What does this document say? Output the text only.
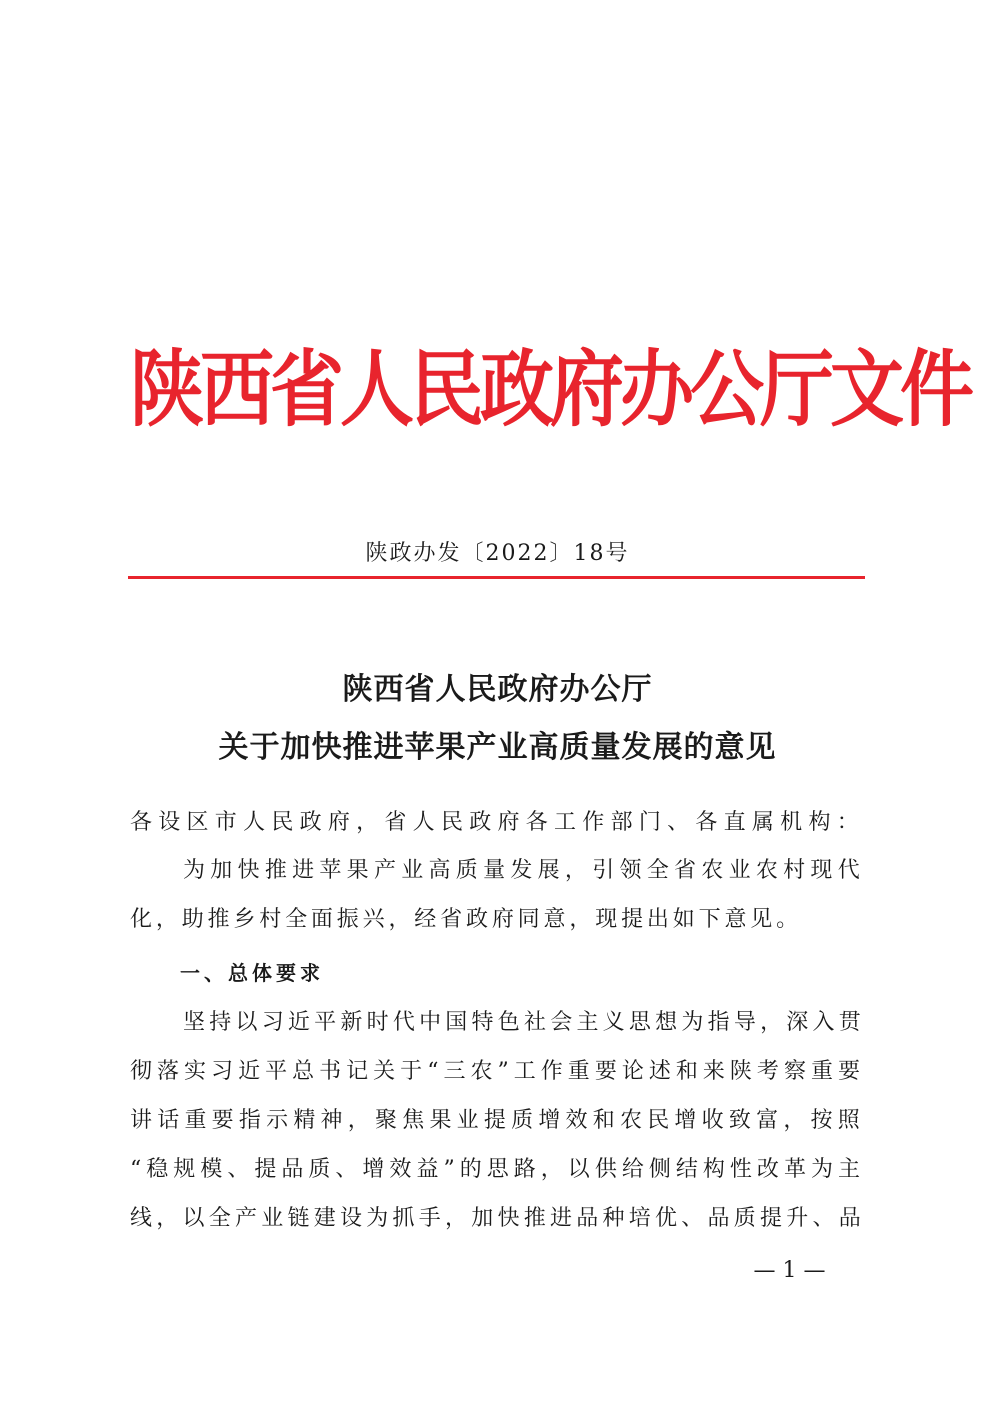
陕西省人民政府办公厅文件
陕政办发〔2022〕18号
陕西省人民政府办公厅
关于加快推进苹果产业高质量发展的意见
各设区市人民政府，省人民政府各工作部门、各直属机构：
为加快推进苹果产业高质量发展，引领全省农业农村现代
化，助推乡村全面振兴，经省政府同意，现提出如下意见。
一、总体要求
坚持以习近平新时代中国特色社会主义思想为指导，深入贯
彻落实习近平总书记关于“三农”工作重要论述和来陕考察重要
讲话重要指示精神，聚焦果业提质增效和农民增收致富，按照
“稳规模、提品质、增效益”的思路，以供给侧结构性改革为主
线，以全产业链建设为抓手，加快推进品种培优、品质提升、品
— 1 —
